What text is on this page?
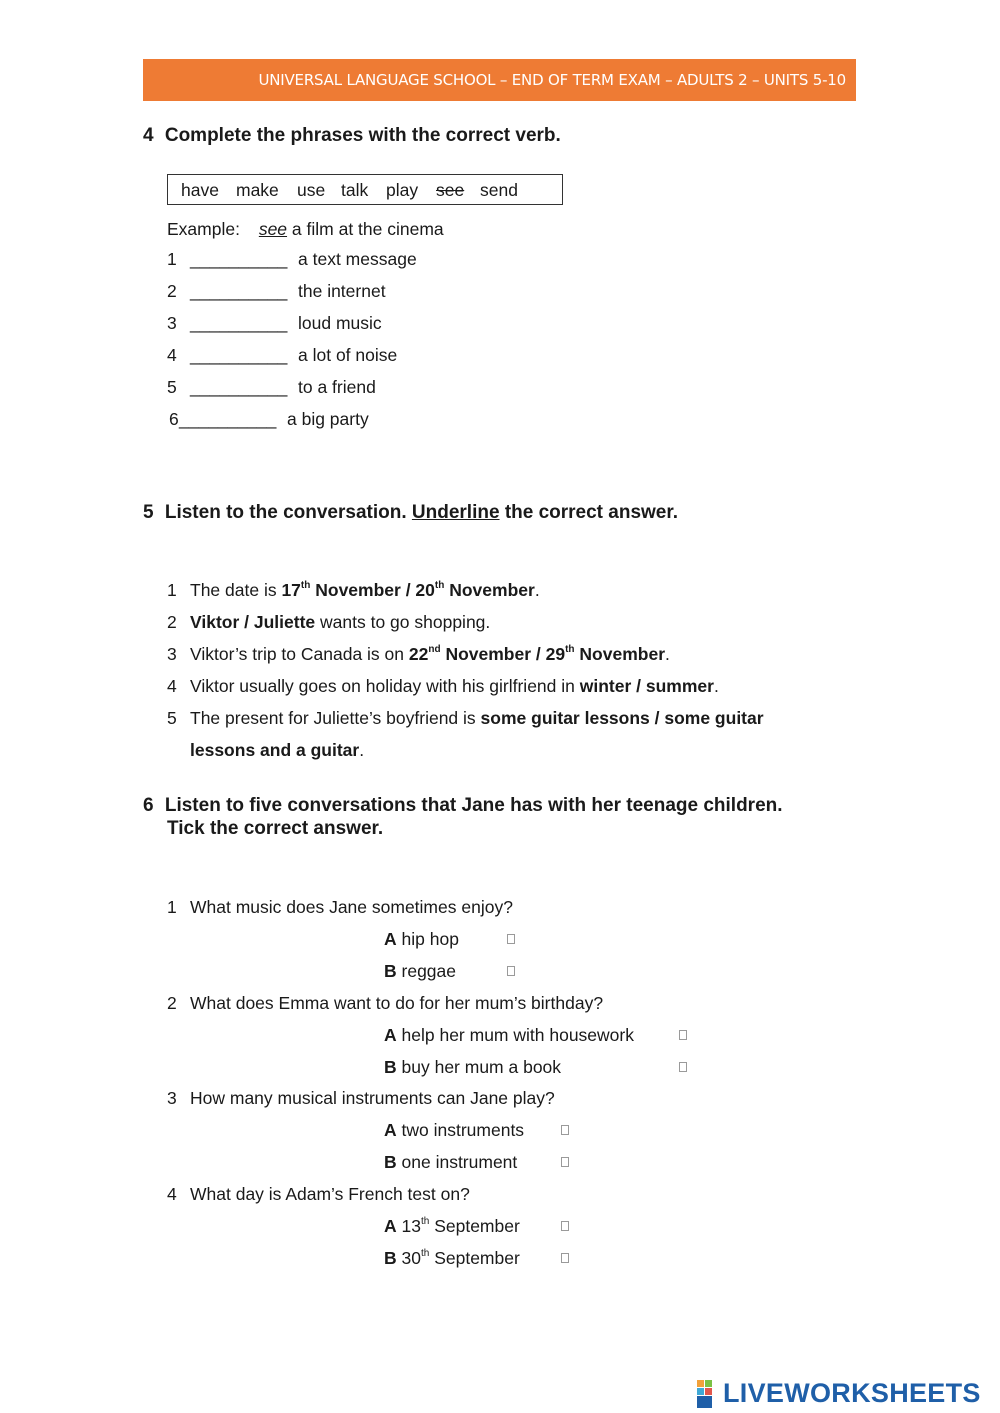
UNIVERSAL LANGUAGE SCHOOL – END OF TERM EXAM – ADULTS 2 – UNITS 5-10
4 Complete the phrases with the correct verb.
have make use talk play see send
Example: see a film at the cinema
1 __________ a text message
2 __________ the internet
3 __________ loud music
4 __________ a lot of noise
5 __________ to a friend
6 __________ a big party
5 Listen to the conversation. Underline the correct answer.
1 The date is 17th November / 20th November.
2 Viktor / Juliette wants to go shopping.
3 Viktor’s trip to Canada is on 22nd November / 29th November.
4 Viktor usually goes on holiday with his girlfriend in winter / summer.
5 The present for Juliette’s boyfriend is some guitar lessons / some guitar
lessons and a guitar.
6 Listen to five conversations that Jane has with her teenage children.
Tick the correct answer.
1 What music does Jane sometimes enjoy?
A hip hop
B reggae
2 What does Emma want to do for her mum’s birthday?
A help her mum with housework
B buy her mum a book
3 How many musical instruments can Jane play?
A two instruments
B one instrument
4 What day is Adam’s French test on?
A 13th September
B 30th September
LIVEWORKSHEETS
